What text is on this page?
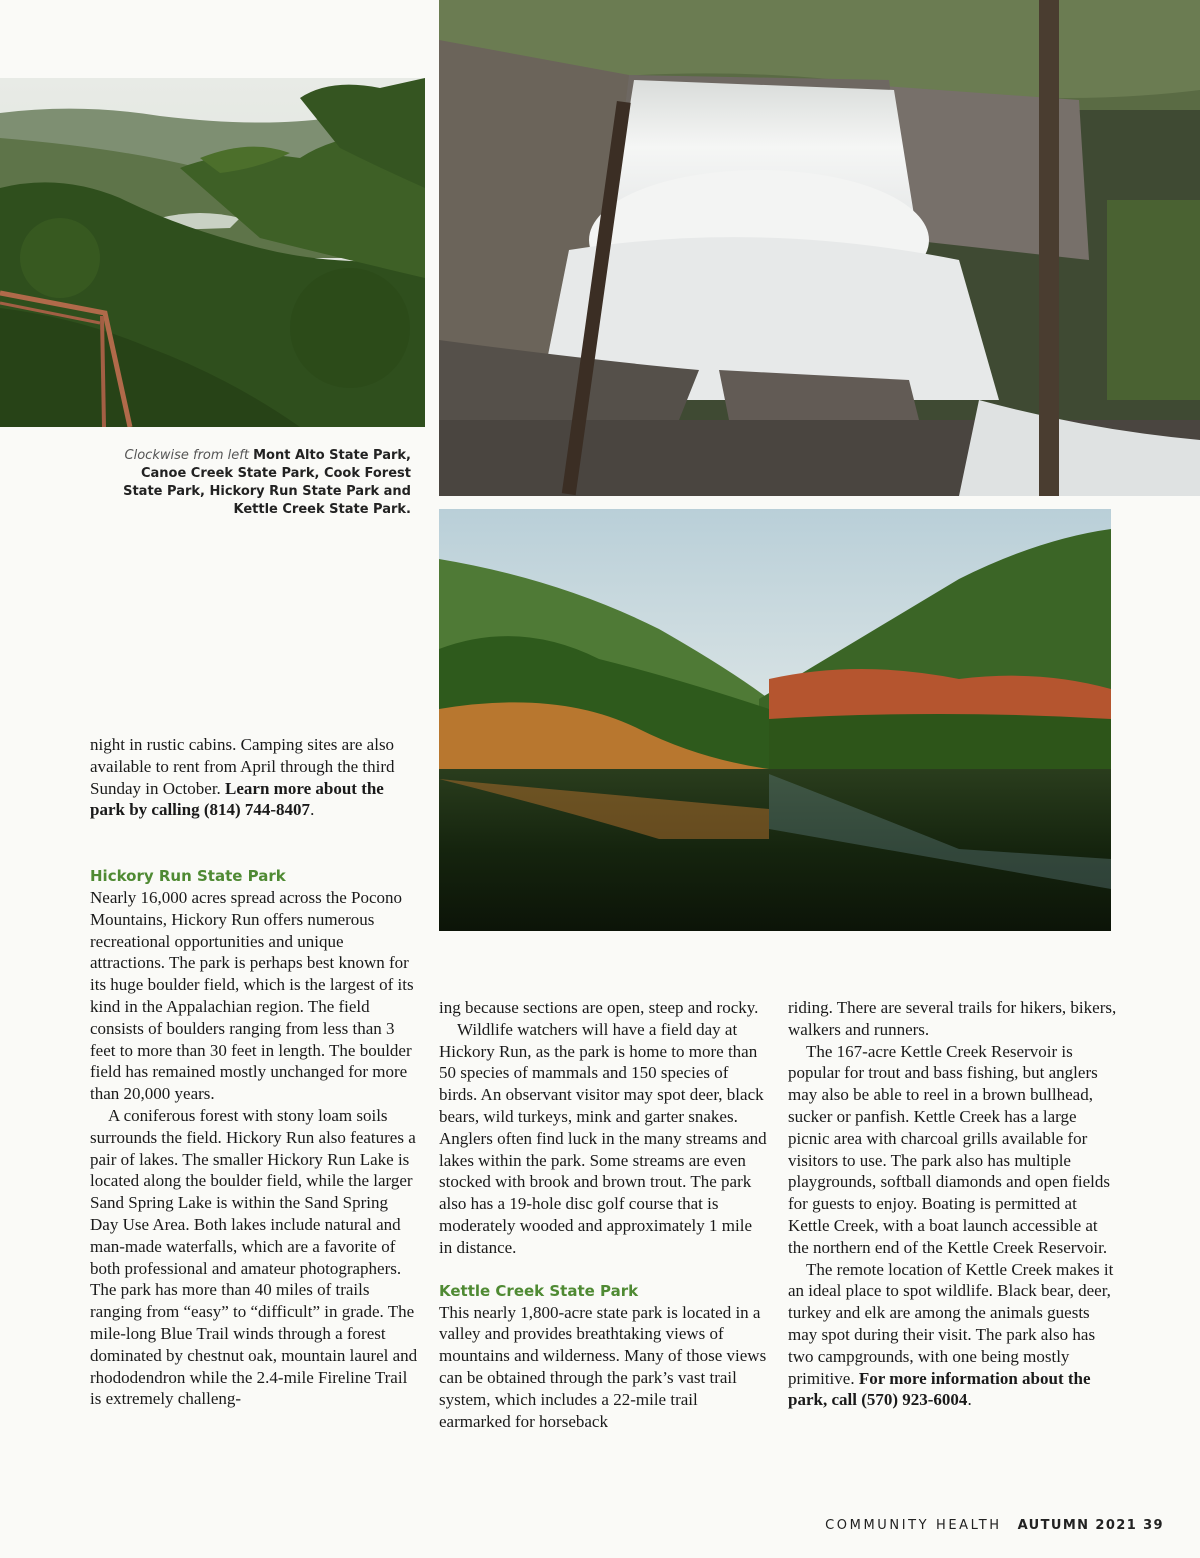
Clockwise from left Mont Alto State Park, Canoe Creek State Park, Cook Forest State Park, Hickory Run State Park and Kettle Creek State Park.

night in rustic cabins. Camping sites are also available to rent from April through the third Sunday in October. Learn more about the park by calling (814) 744-8407.

Hickory Run State Park

Nearly 16,000 acres spread across the Pocono Mountains, Hickory Run offers numerous recreational opportunities and unique attractions. The park is perhaps best known for its huge boulder field, which is the largest of its kind in the Appalachian region. The field consists of boulders ranging from less than 3 feet to more than 30 feet in length. The boulder field has remained mostly unchanged for more than 20,000 years.

A coniferous forest with stony loam soils surrounds the field. Hickory Run also features a pair of lakes. The smaller Hickory Run Lake is located along the boulder field, while the larger Sand Spring Lake is within the Sand Spring Day Use Area. Both lakes include natural and man-made waterfalls, which are a favorite of both professional and amateur photographers. The park has more than 40 miles of trails ranging from “easy” to “difficult” in grade. The mile-long Blue Trail winds through a forest dominated by chestnut oak, mountain laurel and rhododendron while the 2.4-mile Fireline Trail is extremely challeng-

ing because sections are open, steep and rocky.

Wildlife watchers will have a field day at Hickory Run, as the park is home to more than 50 species of mammals and 150 species of birds. An observant visitor may spot deer, black bears, wild turkeys, mink and garter snakes. Anglers often find luck in the many streams and lakes within the park. Some streams are even stocked with brook and brown trout. The park also has a 19-hole disc golf course that is moderately wooded and approximately 1 mile in distance.

Kettle Creek State Park

This nearly 1,800-acre state park is located in a valley and provides breathtaking views of mountains and wilderness. Many of those views can be obtained through the park’s vast trail system, which includes a 22-mile trail earmarked for horseback

riding. There are several trails for hikers, bikers, walkers and runners.

The 167-acre Kettle Creek Reservoir is popular for trout and bass fishing, but anglers may also be able to reel in a brown bullhead, sucker or panfish. Kettle Creek has a large picnic area with charcoal grills available for visitors to use. The park also has multiple playgrounds, softball diamonds and open fields for guests to enjoy. Boating is permitted at Kettle Creek, with a boat launch accessible at the northern end of the Kettle Creek Reservoir.

The remote location of Kettle Creek makes it an ideal place to spot wildlife. Black bear, deer, turkey and elk are among the animals guests may spot during their visit. The park also has two campgrounds, with one being mostly primitive. For more information about the park, call (570) 923-6004.

COMMUNITY HEALTH AUTUMN 2021 39
